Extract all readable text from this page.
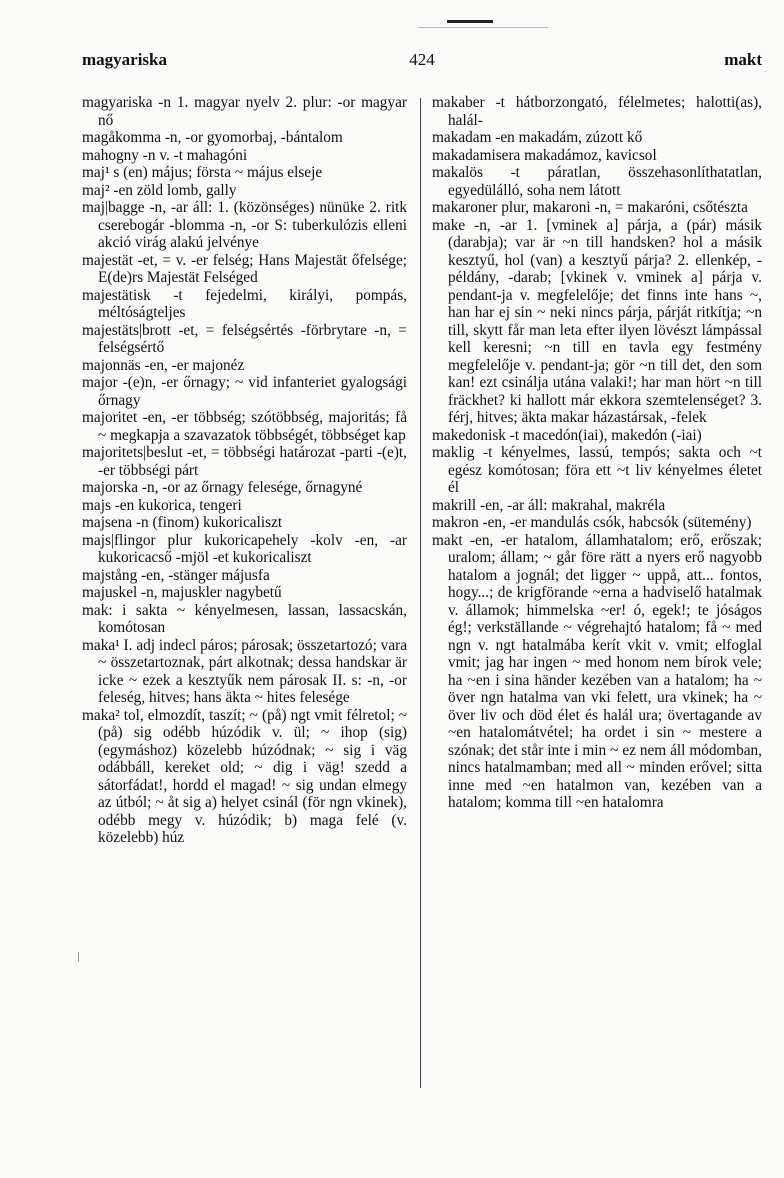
magyariska	424	makt

magyariska -n 1. magyar nyelv 2. plur: -or magyar nő

magåkomma -n, -or gyomorbaj, -bántalom

mahogny -n v. -t mahagóni

maj¹ s (en) május; första ~ május elseje

maj² -en zöld lomb, gally

maj|bagge -n, -ar áll: 1. (közönséges) nünüke 2. ritk cserebogár -blomma -n, -or S: tuberkulózis elleni akció virág alakú jelvénye

majestät -et, = v. -er felség; Hans Majestät őfelsége; E(de)rs Majestät Felséged

majestätisk -t fejedelmi, királyi, pompás, méltóságteljes

majestäts|brott -et, = felségsértés -förbrytare -n, = felségsértő

majonnäs -en, -er majonéz

major -(e)n, -er őrnagy; ~ vid infanteriet gyalogsági őrnagy

majoritet -en, -er többség; szótöbbség, majoritás; få ~ megkapja a szavazatok többségét, többséget kap

majoritets|beslut -et, = többségi határozat -parti -(e)t, -er többségi párt

majorska -n, -or az őrnagy felesége, őrnagyné

majs -en kukorica, tengeri

majsena -n (finom) kukoricaliszt

majs|flingor plur kukoricapehely -kolv -en, -ar kukoricacső -mjöl -et kukoricaliszt

majstång -en, -stänger májusfa

majuskel -n, majuskler nagybetű

mak: i sakta ~ kényelmesen, lassan, lassacskán, komótosan

maka¹ I. adj indecl páros; párosak; összetartozó; vara ~ összetartoznak, párt alkotnak; dessa handskar är icke ~ ezek a kesztyűk nem párosak II. s: -n, -or feleség, hitves; hans äkta ~ hites felesége

maka² tol, elmozdít, taszít; ~ (på) ngt vmit félretol; ~ (på) sig odébb húzódik v. ül; ~ ihop (sig) (egymáshoz) közelebb húzódnak; ~ sig i väg odábbáll, kereket old; ~ dig i väg! szedd a sátorfádat!, hordd el magad! ~ sig undan elmegy az útból; ~ åt sig a) helyet csinál (för ngn vkinek), odébb megy v. húzódik; b) maga felé (v. közelebb) húz

makaber -t hátborzongató, félelmetes; halotti(as), halál-

makadam -en makadám, zúzott kő

makadamisera makadámoz, kavicsol

makalös -t páratlan, összehasonlíthatatlan, egyedülálló, soha nem látott

makaroner plur, makaroni -n, = makaróni, csőtészta

make -n, -ar 1. [vminek a] párja, a (pár) másik (darabja); var är ~n till handsken? hol a másik kesztyű, hol (van) a kesztyű párja? 2. ellenkép, -példány, -darab; [vkinek v. vminek a] párja v. pendant-ja v. megfelelője; det finns inte hans ~, han har ej sin ~ neki nincs párja, párját ritkítja; ~n till, skytt får man leta efter ilyen lövészt lámpással kell keresni; ~n till en tavla egy festmény megfelelője v. pendant-ja; gör ~n till det, den som kan! ezt csinálja utána valaki!; har man hört ~n till fräckhet? ki hallott már ekkora szemtelenséget? 3. férj, hitves; äkta makar házastársak, -felek

makedonisk -t macedón(iai), makedón (-iai)

maklig -t kényelmes, lassú, tempós; sakta och ~t egész komótosan; föra ett ~t liv kényelmes életet él

makrill -en, -ar áll: makrahal, makréla

makron -en, -er mandulás csók, habcsók (sütemény)

makt -en, -er hatalom, államhatalom; erő, erőszak; uralom; állam; ~ går före rätt a nyers erő nagyobb hatalom a jognál; det ligger ~ uppå, att... fontos, hogy...; de krigförande ~erna a hadviselő hatalmak v. államok; himmelska ~er! ó, egek!; te jóságos ég!; verkställande ~ végrehajtó hatalom; få ~ med ngn v. ngt hatalmába kerít vkit v. vmit; elfoglal vmit; jag har ingen ~ med honom nem bírok vele; ha ~en i sina händer kezében van a hatalom; ha ~ över ngn hatalma van vki felett, ura vkinek; ha ~ över liv och död élet és halál ura; övertagande av ~en hatalomátvétel; ha ordet i sin ~ mestere a szónak; det står inte i min ~ ez nem áll módomban, nincs hatalmamban; med all ~ minden erővel; sitta inne med ~en hatalmon van, kezében van a hatalom; komma till ~en hatalomra
